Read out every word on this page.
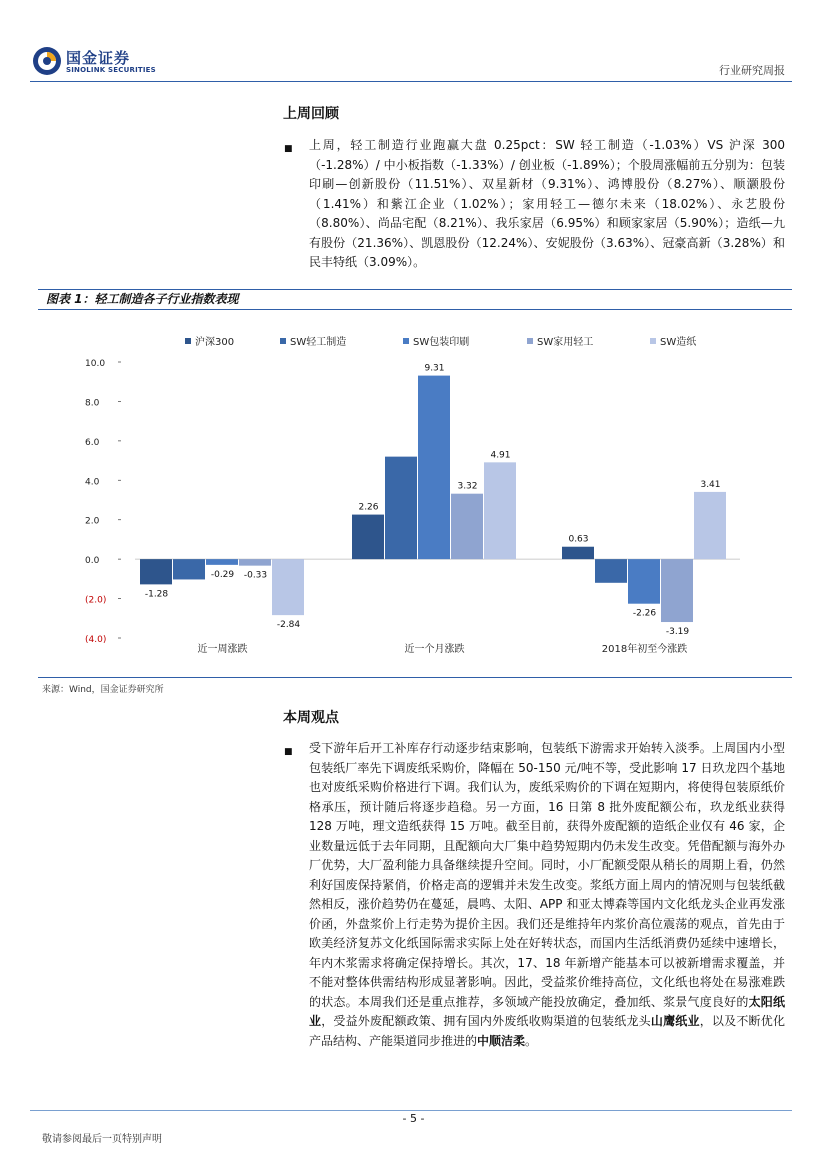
国金证券
SINOLINK SECURITIES	行业研究周报
上周回顾
■ 上周，轻工制造行业跑赢大盘 0.25pct：SW 轻工制造（-1.03%）VS 沪深 300（-1.28%）/ 中小板指数（-1.33%）/ 创业板（-1.89%）；个股周涨幅前五分别为：包装印刷—创新股份（11.51%）、双星新材（9.31%）、鸿博股份（8.27%）、顺灏股份（1.41%）和紫江企业（1.02%）；家用轻工—德尔未来（18.02%）、永艺股份（8.80%）、尚品宅配（8.21%）、我乐家居（6.95%）和顾家家居（5.90%）；造纸—九有股份（21.36%）、凯恩股份（12.24%）、安妮股份（3.63%）、冠豪高新（3.28%）和民丰特纸（3.09%）。
图表 1：轻工制造各子行业指数表现
沪深300	SW轻工制造	SW包装印刷	SW家用轻工	SW造纸
10.0
8.0
6.0
4.0
2.0
0.0
(2.0)
(4.0)
-1.28
-0.29 -0.33
-2.84
近一周涨跌
2.26
9.31
3.32
4.91
近一个月涨跌
0.63
-2.26
-3.19
3.41
2018年初至今涨跌
来源：Wind，国金证券研究所
本周观点
■ 受下游年后开工补库存行动逐步结束影响，包装纸下游需求开始转入淡季。上周国内小型包装纸厂率先下调废纸采购价，降幅在 50-150 元/吨不等，受此影响 17 日玖龙四个基地也对废纸采购价格进行下调。我们认为，废纸采购价的下调在短期内，将使得包装原纸价格承压，预计随后将逐步趋稳。另一方面，16 日第 8 批外废配额公布，玖龙纸业获得 128 万吨，理文造纸获得 15 万吨。截至目前，获得外废配额的造纸企业仅有 46 家，企业数量远低于去年同期，且配额向大厂集中趋势短期内仍未发生改变。凭借配额与海外办厂优势，大厂盈利能力具备继续提升空间。同时，小厂配额受限从稍长的周期上看，仍然利好国废保持紧俏，价格走高的逻辑并未发生改变。浆纸方面上周内的情况则与包装纸截然相反，涨价趋势仍在蔓延，晨鸣、太阳、APP 和亚太博森等国内文化纸龙头企业再发涨价函，外盘浆价上行走势为提价主因。我们还是维持年内浆价高位震荡的观点，首先由于欧美经济复苏文化纸国际需求实际上处在好转状态，而国内生活纸消费仍延续中速增长，年内木浆需求将确定保持增长。其次，17、18 年新增产能基本可以被新增需求覆盖，并不能对整体供需结构形成显著影响。因此，受益浆价维持高位，文化纸也将处在易涨难跌的状态。本周我们还是重点推荐，多领域产能投放确定，叠加纸、浆景气度良好的太阳纸业，受益外废配额政策、拥有国内外废纸收购渠道的包装纸龙头山鹰纸业，以及不断优化产品结构、产能渠道同步推进的中顺洁柔。
- 5 -
敬请参阅最后一页特别声明
